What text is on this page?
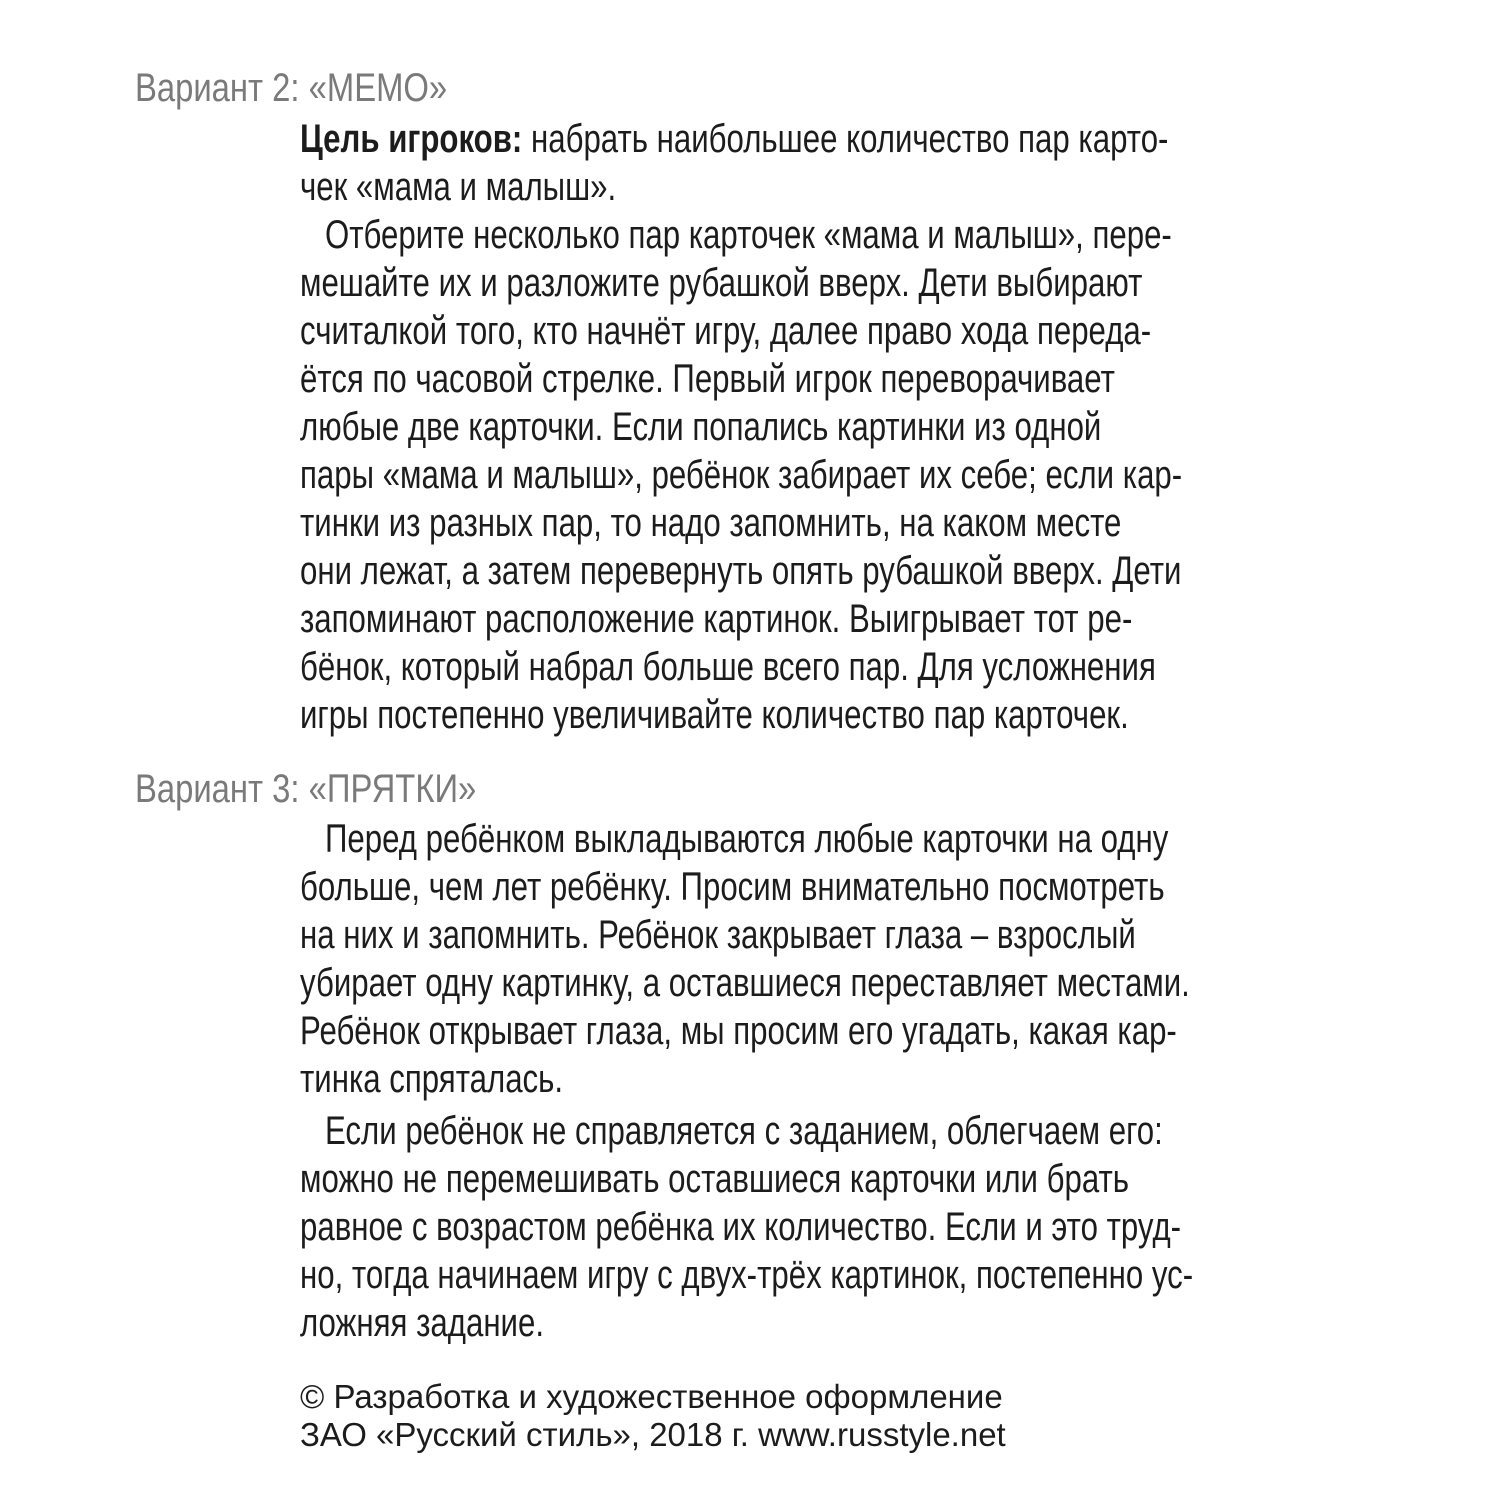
Вариант 2: «МЕМО»

Цель игроков: набрать наибольшее количество пар карто-

чек «мама и малыш».

Отберите несколько пар карточек «мама и малыш», пере-

мешайте их и разложите рубашкой вверх. Дети выбирают

считалкой того, кто начнёт игру, далее право хода переда-

ётся по часовой стрелке. Первый игрок переворачивает

любые две карточки. Если попались картинки из одной

пары «мама и малыш», ребёнок забирает их себе; если кар-

тинки из разных пар, то надо запомнить, на каком месте

они лежат, а затем перевернуть опять рубашкой вверх. Дети

запоминают расположение картинок. Выигрывает тот ре-

бёнок, который набрал больше всего пар. Для усложнения

игры постепенно увеличивайте количество пар карточек.

Вариант 3: «ПРЯТКИ»

Перед ребёнком выкладываются любые карточки на одну

больше, чем лет ребёнку. Просим внимательно посмотреть

на них и запомнить. Ребёнок закрывает глаза – взрослый

убирает одну картинку, а оставшиеся переставляет местами.

Ребёнок открывает глаза, мы просим его угадать, какая кар-

тинка спряталась.

Если ребёнок не справляется с заданием, облегчаем его:

можно не перемешивать оставшиеся карточки или брать

равное с возрастом ребёнка их количество. Если и это труд-

но, тогда начинаем игру с двух-трёх картинок, постепенно ус-

ложняя задание.

© Разработка и художественное оформление

ЗАО «Русский стиль», 2018 г. www.russtyle.net
